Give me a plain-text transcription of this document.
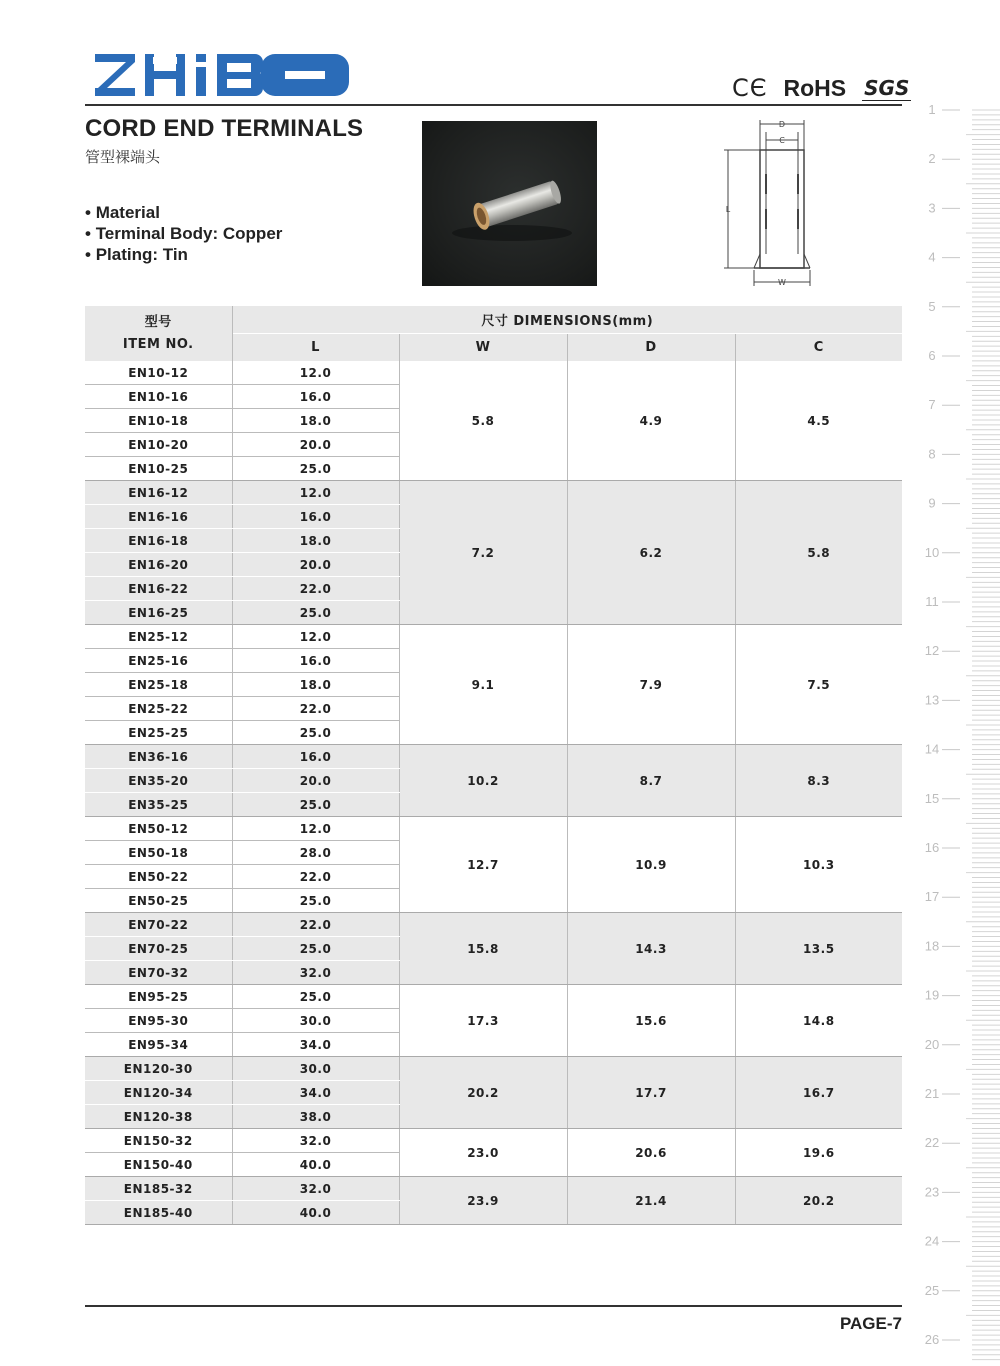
CЄ RoHS SGS
CORD END TERMINALS
管型裸端头
• Material
• Terminal Body: Copper
• Plating: Tin
D
C
L
W
型号
ITEM NO.	尺寸 DIMENSIONS(mm)			
	L	W	D	C
EN10-12	12.0	5.8	4.9	4.5
EN10-16	16.0			
EN10-18	18.0			
EN10-20	20.0			
EN10-25	25.0			
EN16-12	12.0	7.2	6.2	5.8
EN16-16	16.0			
EN16-18	18.0			
EN16-20	20.0			
EN16-22	22.0			
EN16-25	25.0			
EN25-12	12.0	9.1	7.9	7.5
EN25-16	16.0			
EN25-18	18.0			
EN25-22	22.0			
EN25-25	25.0			
EN36-16	16.0	10.2	8.7	8.3
EN35-20	20.0			
EN35-25	25.0			
EN50-12	12.0	12.7	10.9	10.3
EN50-18	28.0			
EN50-22	22.0			
EN50-25	25.0			
EN70-22	22.0	15.8	14.3	13.5
EN70-25	25.0			
EN70-32	32.0			
EN95-25	25.0	17.3	15.6	14.8
EN95-30	30.0			
EN95-34	34.0			
EN120-30	30.0	20.2	17.7	16.7
EN120-34	34.0			
EN120-38	38.0			
EN150-32	32.0	23.0	20.6	19.6
EN150-40	40.0			
EN185-32	32.0	23.9	21.4	20.2
EN185-40	40.0			
1
2
3
4
5
6
7
8
9
10
11
12
13
14
15
16
17
18
19
20
21
22
23
24
25
26
PAGE-7
